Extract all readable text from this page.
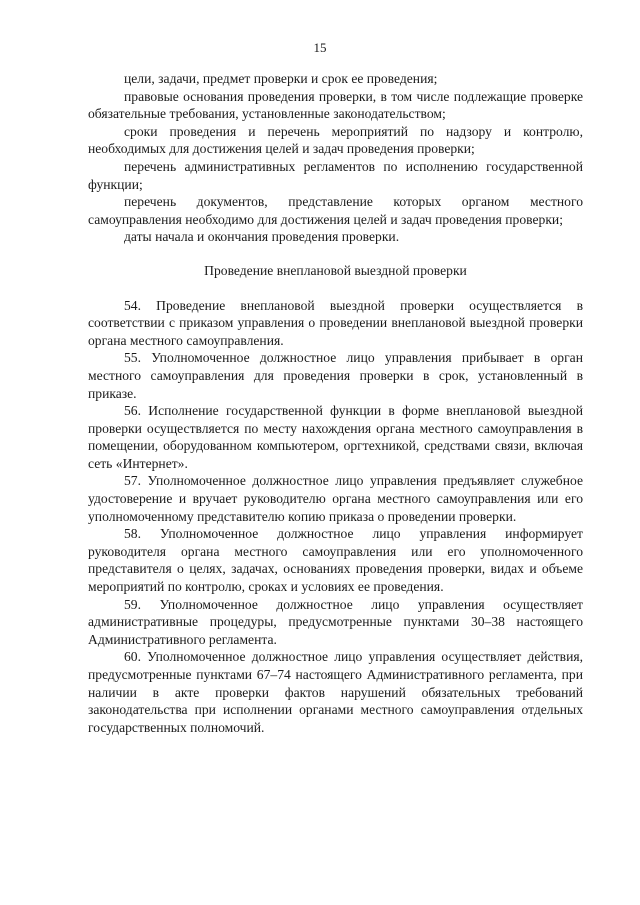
15

цели, задачи, предмет проверки и срок ее проведения;

правовые основания проведения проверки, в том числе подлежащие проверке обязательные требования, установленные законодательством;

сроки проведения и перечень мероприятий по надзору и контролю, необходимых для достижения целей и задач проведения проверки;

перечень административных регламентов по исполнению государственной функции;

перечень документов, представление которых органом местного самоуправления необходимо для достижения целей и задач проведения проверки;

даты начала и окончания проведения проверки.

Проведение внеплановой выездной проверки

54. Проведение внеплановой выездной проверки осуществляется в соответствии с приказом управления о проведении внеплановой выездной проверки органа местного самоуправления.

55. Уполномоченное должностное лицо управления прибывает в орган местного самоуправления для проведения проверки в срок, установленный в приказе.

56. Исполнение государственной функции в форме внеплановой выездной проверки осуществляется по месту нахождения органа местного самоуправления в помещении, оборудованном компьютером, оргтехникой, средствами связи, включая сеть «Интернет».

57. Уполномоченное должностное лицо управления предъявляет служебное удостоверение и вручает руководителю органа местного самоуправления или его уполномоченному представителю копию приказа о проведении проверки.

58. Уполномоченное должностное лицо управления информирует руководителя органа местного самоуправления или его уполномоченного представителя о целях, задачах, основаниях проведения проверки, видах и объеме мероприятий по контролю, сроках и условиях ее проведения.

59. Уполномоченное должностное лицо управления осуществляет административные процедуры, предусмотренные пунктами 30–38 настоящего Административного регламента.

60. Уполномоченное должностное лицо управления осуществляет действия, предусмотренные пунктами 67–74 настоящего Административного регламента, при наличии в акте проверки фактов нарушений обязательных требований законодательства при исполнении органами местного самоуправления отдельных государственных полномочий.
